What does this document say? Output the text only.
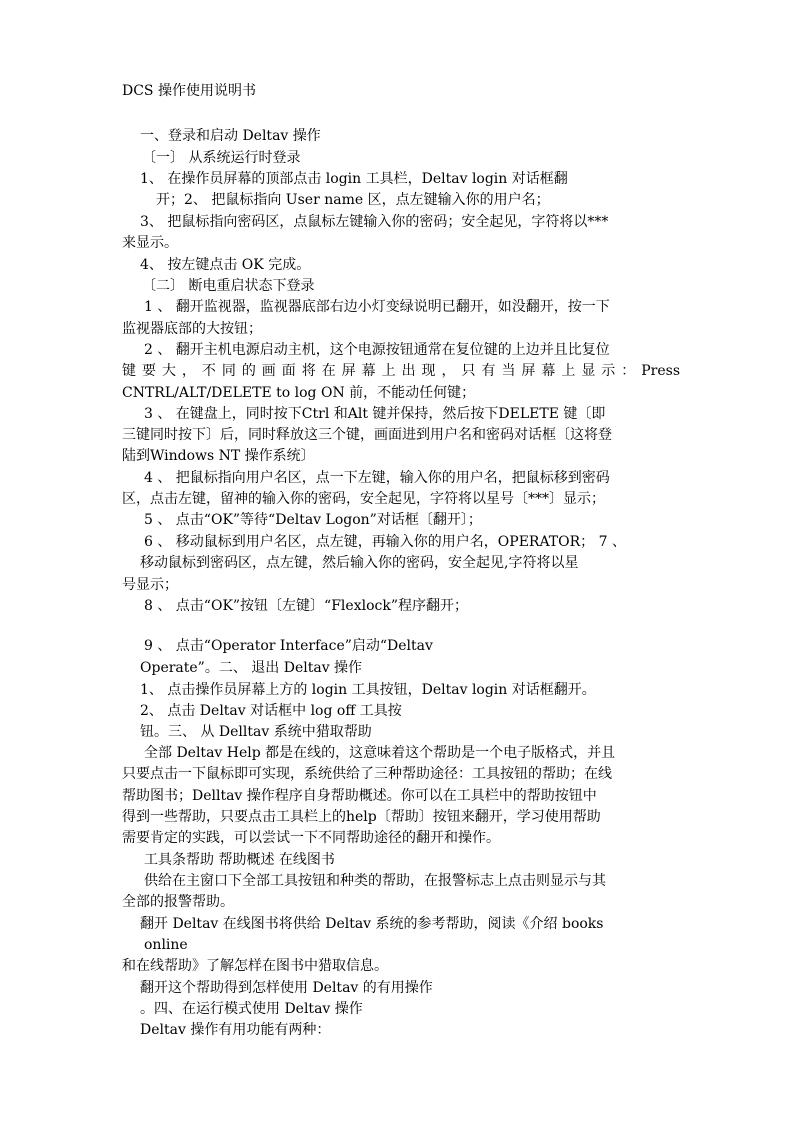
DCS 操作使用说明书
一、登录和启动 Deltav 操作
〔一〕 从系统运行时登录
1、 在操作员屏幕的顶部点击 login 工具栏，Deltav login 对话框翻
开；2、 把鼠标指向 User name 区，点左键输入你的用户名；
3、 把鼠标指向密码区，点鼠标左键输入你的密码；安全起见，字符将以***
来显示。
4、 按左键点击 OK 完成。
〔二〕 断电重启状态下登录
1 、 翻开监视器，监视器底部右边小灯变绿说明已翻开，如没翻开，按一下
监视器底部的大按钮；
2 、 翻开主机电源启动主机，这个电源按钮通常在复位键的上边并且比复位
键要大，不同的画面将在屏幕上出现，只有当屏幕上显示：Press
CNTRL/ALT/DELETE to log ON 前，不能动任何键；
3 、 在键盘上，同时按下Ctrl 和Alt 键并保持，然后按下DELETE 键〔即
三键同时按下〕后，同时释放这三个键，画面进到用户名和密码对话框〔这将登
陆到Windows NT 操作系统〕
4 、 把鼠标指向用户名区，点一下左键，输入你的用户名，把鼠标移到密码
区，点击左键，留神的输入你的密码，安全起见，字符将以星号〔***〕显示；
5 、 点击“OK”等待“Deltav Logon”对话框〔翻开〕；
6 、 移动鼠标到用户名区，点左键，再输入你的用户名，OPERATOR； 7 、
移动鼠标到密码区，点左键，然后输入你的密码，安全起见,字符将以星
号显示；
8 、 点击“OK”按钮〔左键〕“Flexlock”程序翻开；
9 、 点击“Operator Interface”启动“Deltav
Operate”。二、 退出 Deltav 操作
1、 点击操作员屏幕上方的 login 工具按钮，Deltav login 对话框翻开。
2、 点击 Deltav 对话框中 log off 工具按
钮。三、 从 Delltav 系统中猎取帮助
全部 Deltav Help 都是在线的，这意味着这个帮助是一个电子版格式，并且
只要点击一下鼠标即可实现，系统供给了三种帮助途径：工具按钮的帮助；在线
帮助图书；Delltav 操作程序自身帮助概述。你可以在工具栏中的帮助按钮中
得到一些帮助，只要点击工具栏上的help〔帮助〕按钮来翻开，学习使用帮助
需要肯定的实践，可以尝试一下不同帮助途径的翻开和操作。
工具条帮助 帮助概述 在线图书
供给在主窗口下全部工具按钮和种类的帮助，在报警标志上点击则显示与其
全部的报警帮助。
翻开 Deltav 在线图书将供给 Deltav 系统的参考帮助，阅读《介绍 books
online
和在线帮助》了解怎样在图书中猎取信息。
翻开这个帮助得到怎样使用 Deltav 的有用操作
。四、在运行模式使用 Deltav 操作
Deltav 操作有用功能有两种：
